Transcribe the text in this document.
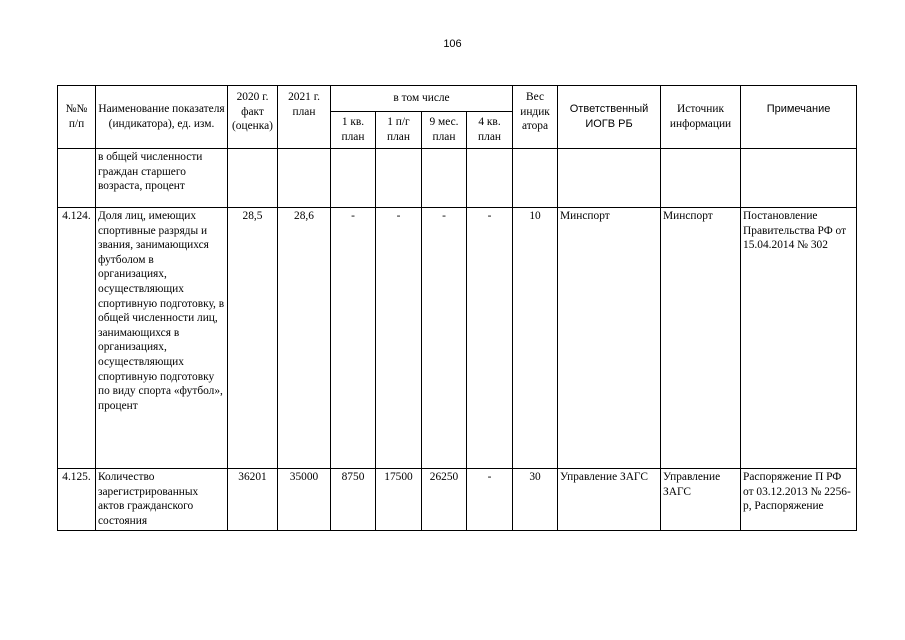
106
№№ п/п	Наименование показателя (индикатора), ед. изм.	2020 г. факт (оценка)	2021 г. план	в том числе				Вес индик атора	Ответственный ИОГВ РБ	Источник информации	Примечание
				1 кв. план	1 п/г план	9 мес. план	4 кв. план				
	в общей численности граждан старшего возраста, процент										
4.124.	Доля лиц, имеющих спортивные разряды и звания, занимающихся футболом в организациях, осуществляющих спортивную подготовку, в общей численности лиц, занимающихся в организациях, осуществляющих спортивную подготовку по виду спорта «футбол», процент	28,5	28,6	-	-	-	-	10	Минспорт	Минспорт	Постановление Правительства РФ от 15.04.2014 № 302
4.125.	Количество зарегистрированных актов гражданского состояния	36201	35000	8750	17500	26250	-	30	Управление ЗАГС	Управление ЗАГС	Распоряжение П РФ от 03.12.2013 № 2256-р, Распоряжение
